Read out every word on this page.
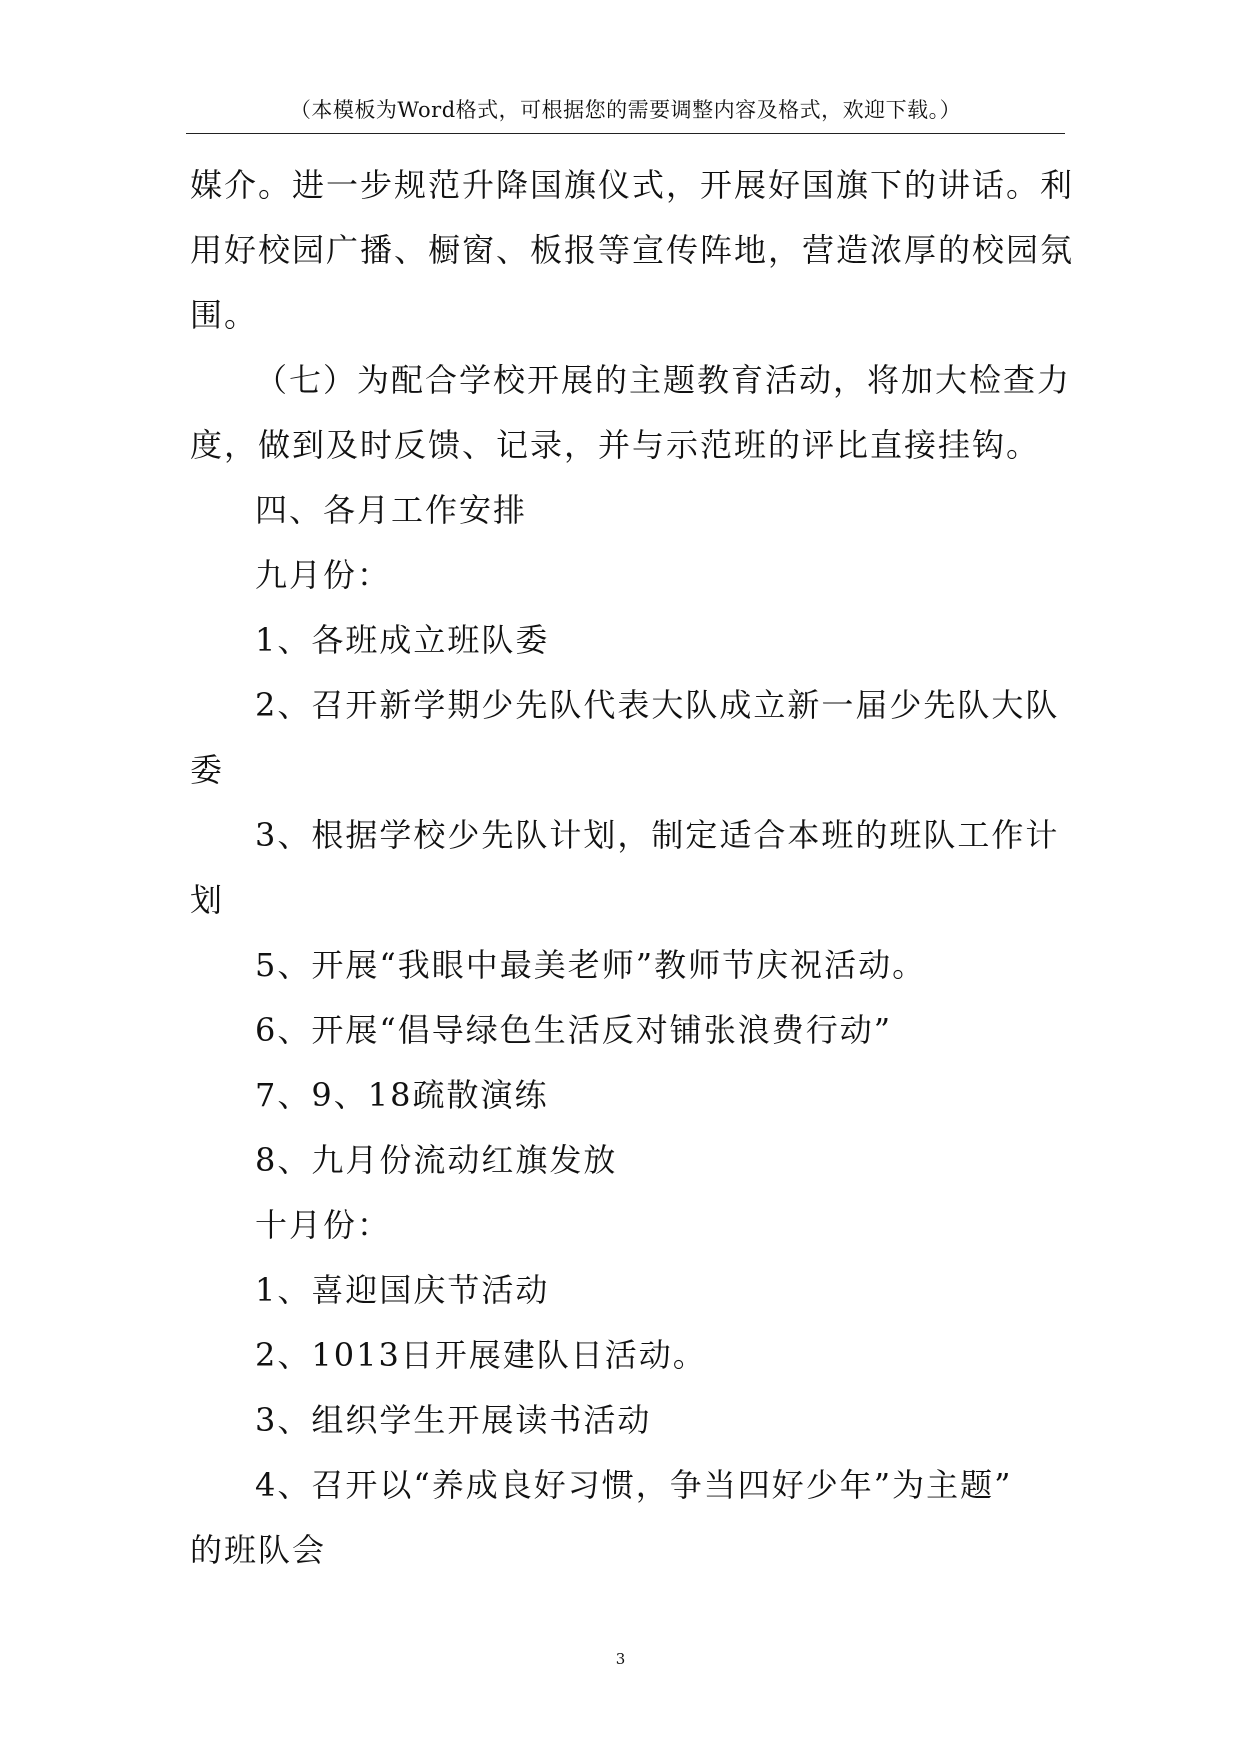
（本模板为Word格式，可根据您的需要调整内容及格式，欢迎下载。）
媒介。进一步规范升降国旗仪式，开展好国旗下的讲话。利
用好校园广播、橱窗、板报等宣传阵地，营造浓厚的校园氛
围。
（七）为配合学校开展的主题教育活动，将加大检查力
度，做到及时反馈、记录，并与示范班的评比直接挂钩。
四、各月工作安排
九月份：
1、各班成立班队委
2、召开新学期少先队代表大队成立新一届少先队大队
委
3、根据学校少先队计划，制定适合本班的班队工作计
划
5、开展“我眼中最美老师”教师节庆祝活动。
6、开展“倡导绿色生活反对铺张浪费行动”
7、9、18疏散演练
8、九月份流动红旗发放
十月份：
1、喜迎国庆节活动
2、1013日开展建队日活动。
3、组织学生开展读书活动
4、召开以“养成良好习惯，争当四好少年”为主题”
的班队会
3
